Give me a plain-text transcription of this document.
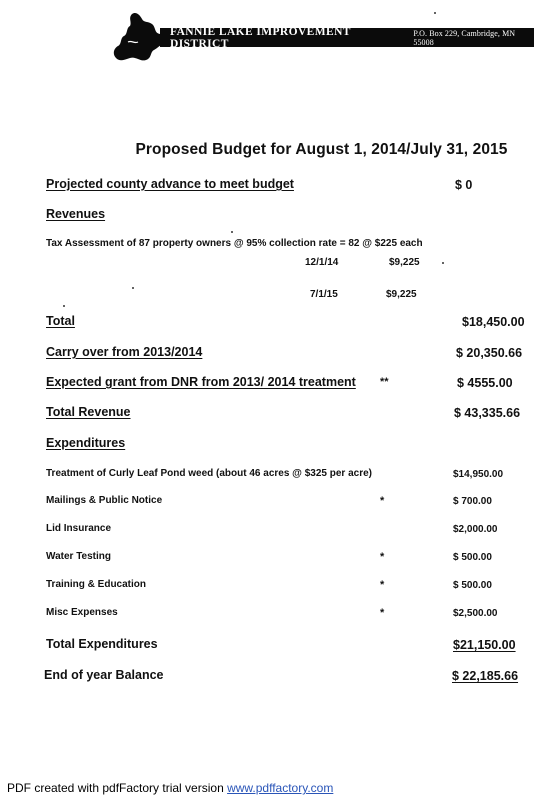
FANNIE LAKE IMPROVEMENT DISTRICT
P.O. Box 229, Cambridge, MN 55008
Proposed Budget for August 1, 2014/July 31, 2015
Projected county advance to meet budget	$ 0
Revenues
Tax Assessment of 87 property owners @ 95% collection rate = 82 @ $225 each
12/1/14	$9,225
7/1/15	$9,225
Total	$18,450.00
Carry over from 2013/2014	$ 20,350.66
Expected grant from DNR from 2013/ 2014 treatment **	$ 4555.00
Total Revenue	$ 43,335.66
Expenditures
Treatment of Curly Leaf Pond weed (about 46 acres @ $325 per acre)	$14,950.00
Mailings & Public Notice	*	$ 700.00
Lid Insurance	$2,000.00
Water Testing	*	$ 500.00
Training & Education	*	$ 500.00
Misc Expenses	*	$2,500.00
Total Expenditures	$21,150.00
End of year Balance	$ 22,185.66
PDF created with pdfFactory trial version www.pdffactory.com
